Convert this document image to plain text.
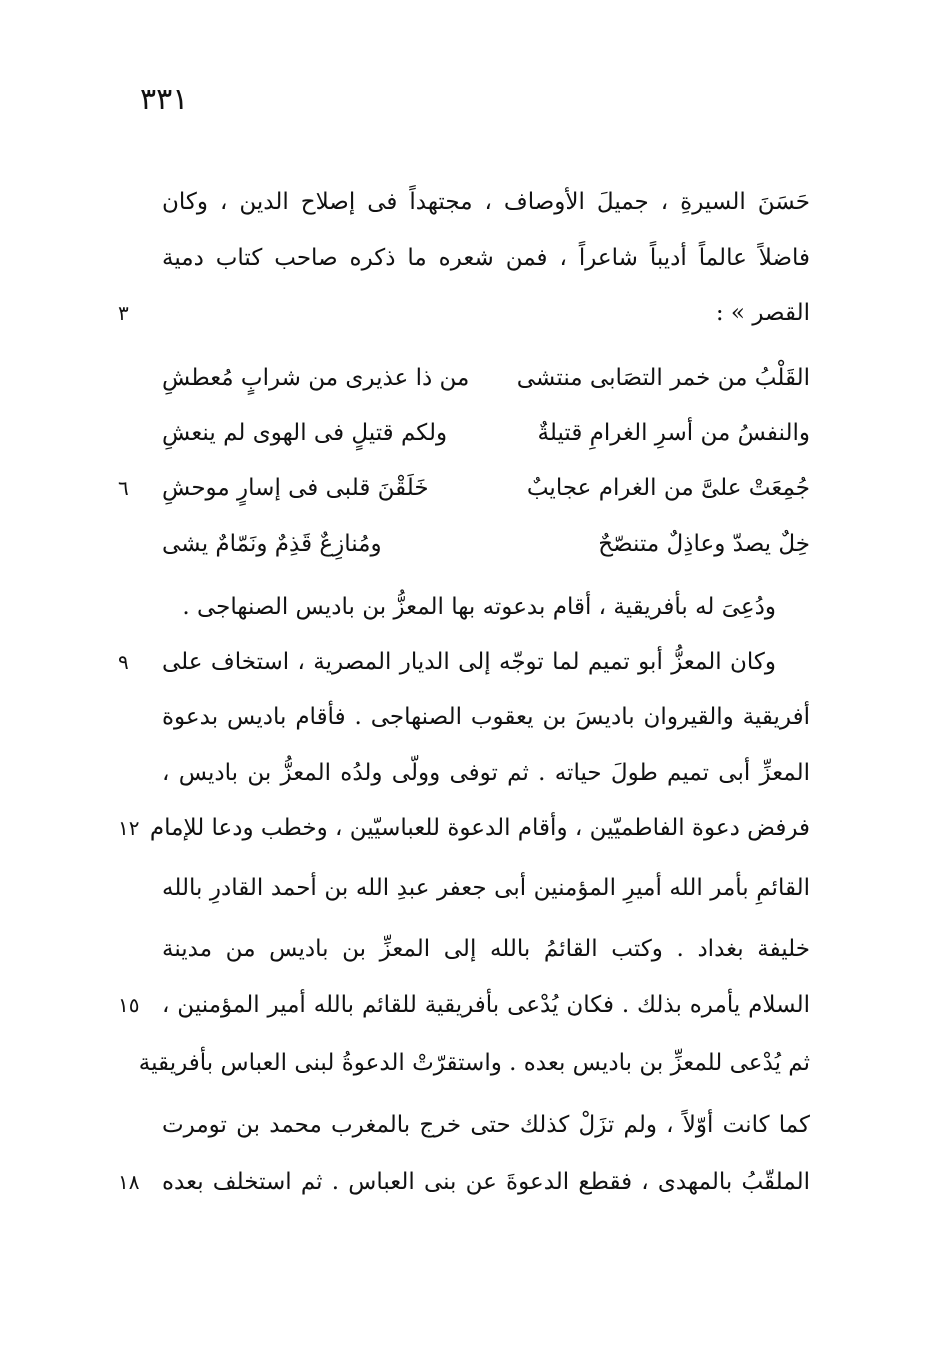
٣٣١
حَسَنَ السيرةِ ، جميلَ الأوصاف ، مجتهداً فى إصلاح الدين ، وكان
فاضلاً عالماً أديباً شاعراً ، فمن شعره ما ذكره صاحب كتاب دمية
القصر » :
٣
القَلْبُ من خمر التصَابى منتشى
من ذا عذيرى من شرابٍ مُعطشِ
والنفسُ من أسرِ الغرامِ قتيلةٌ
ولكم قتيلٍ فى الهوى لم ينعشِ
جُمِعَتْ علىَّ من الغرام عجايبٌ
خَلَقْنَ قلبى فى إسارٍ موحشِ
٦
خِلٌ يصدّ وعاذِلٌ متنصّحٌ
ومُنازِعٌ قَذِمٌ ونَمّامٌ يشى
ودُعِىَ له بأفريقية ، أقام بدعوته بها المعزُّ بن باديس الصنهاجى .
وكان المعزُّ أبو تميم لما توجّه إلى الديار المصرية ، استخاف على
٩
أفريقية والقيروان باديسَ بن يعقوب الصنهاجى . فأقام باديس بدعوة
المعزِّ أبى تميم طولَ حياته . ثم توفى وولّى ولدُه المعزُّ بن باديس ،
فرفض دعوة الفاطميّين ، وأقام الدعوة للعباسيّين ، وخطب ودعا للإمام
١٢
القائمِ بأمر الله أميرِ المؤمنين أبى جعفر عبدِ الله بن أحمد القادرِ بالله
خليفة بغداد . وكتب القائمُ بالله إلى المعزِّ بن باديس من مدينة
السلام يأمره بذلك . فكان يُدْعى بأفريقية للقائم بالله أمير المؤمنين ،
١٥
ثم يُدْعى للمعزِّ بن باديس بعده . واستقرّتْ الدعوةُ لبنى العباس بأفريقية
كما كانت أوّلاً ، ولم تزَلْ كذلك حتى خرج بالمغرب محمد بن تومرت
الملقّبُ بالمهدى ، فقطع الدعوةَ عن بنى العباس . ثم استخلف بعده
١٨
